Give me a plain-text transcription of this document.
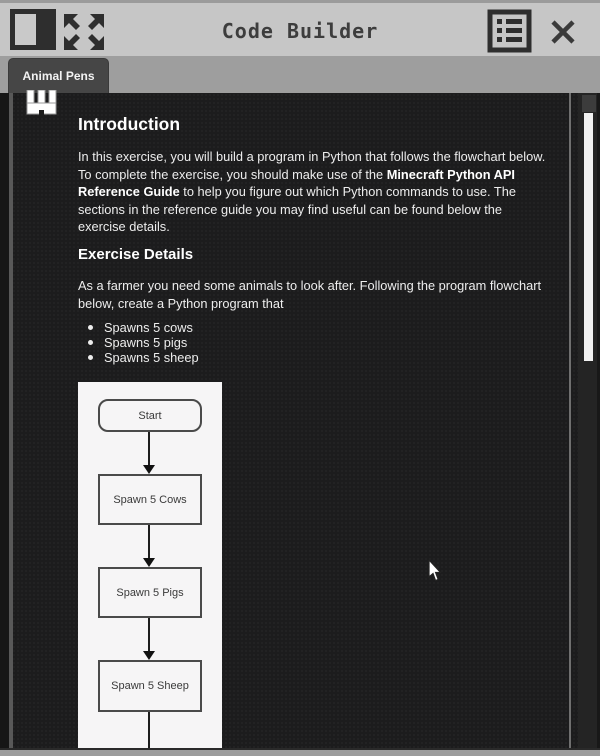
Code Builder
Animal Pens
Introduction
In this exercise, you will build a program in Python that follows the flowchart below. To complete the exercise, you should make use of the Minecraft Python API Reference Guide to help you figure out which Python commands to use. The sections in the reference guide you may find useful can be found below the exercise details.
Exercise Details
As a farmer you need some animals to look after. Following the program flowchart below, create a Python program that
Spawns 5 cows
Spawns 5 pigs
Spawns 5 sheep
Start
Spawn 5 Cows
Spawn 5 Pigs
Spawn 5 Sheep
